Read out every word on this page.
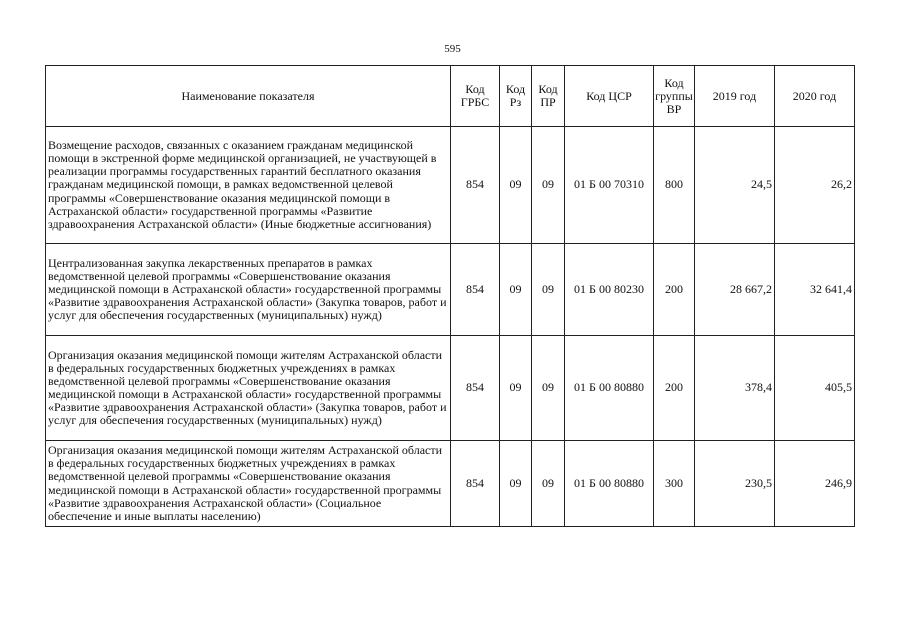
595
Наименование показателя	Код ГРБС	Код Рз	Код ПР	Код ЦСР	Код группы ВР	2019 год	2020 год
Возмещение расходов, связанных с оказанием гражданам медицинской помощи в экстренной форме медицинской организацией, не участвующей в реализации программы государственных гарантий бесплатного оказания гражданам медицинской помощи, в рамках ведомственной целевой программы «Совершенствование оказания медицинской помощи в Астраханской области» государственной программы «Развитие здравоохранения Астраханской области» (Иные бюджетные ассигнования)	854	09	09	01 Б 00 70310	800	24,5	26,2
Централизованная закупка лекарственных препаратов в рамках ведомственной целевой программы «Совершенствование оказания медицинской помощи в Астраханской области» государственной программы «Развитие здравоохранения Астраханской области» (Закупка товаров, работ и услуг для обеспечения государственных (муниципальных) нужд)	854	09	09	01 Б 00 80230	200	28 667,2	32 641,4
Организация оказания медицинской помощи жителям Астраханской области в федеральных государственных бюджетных учреждениях в рамках ведомственной целевой программы «Совершенствование оказания медицинской помощи в Астраханской области» государственной программы «Развитие здравоохранения Астраханской области» (Закупка товаров, работ и услуг для обеспечения государственных (муниципальных) нужд)	854	09	09	01 Б 00 80880	200	378,4	405,5
Организация оказания медицинской помощи жителям Астраханской области в федеральных государственных бюджетных учреждениях в рамках ведомственной целевой программы «Совершенствование оказания медицинской помощи в Астраханской области» государственной программы «Развитие здравоохранения Астраханской области» (Социальное обеспечение и иные выплаты населению)	854	09	09	01 Б 00 80880	300	230,5	246,9
